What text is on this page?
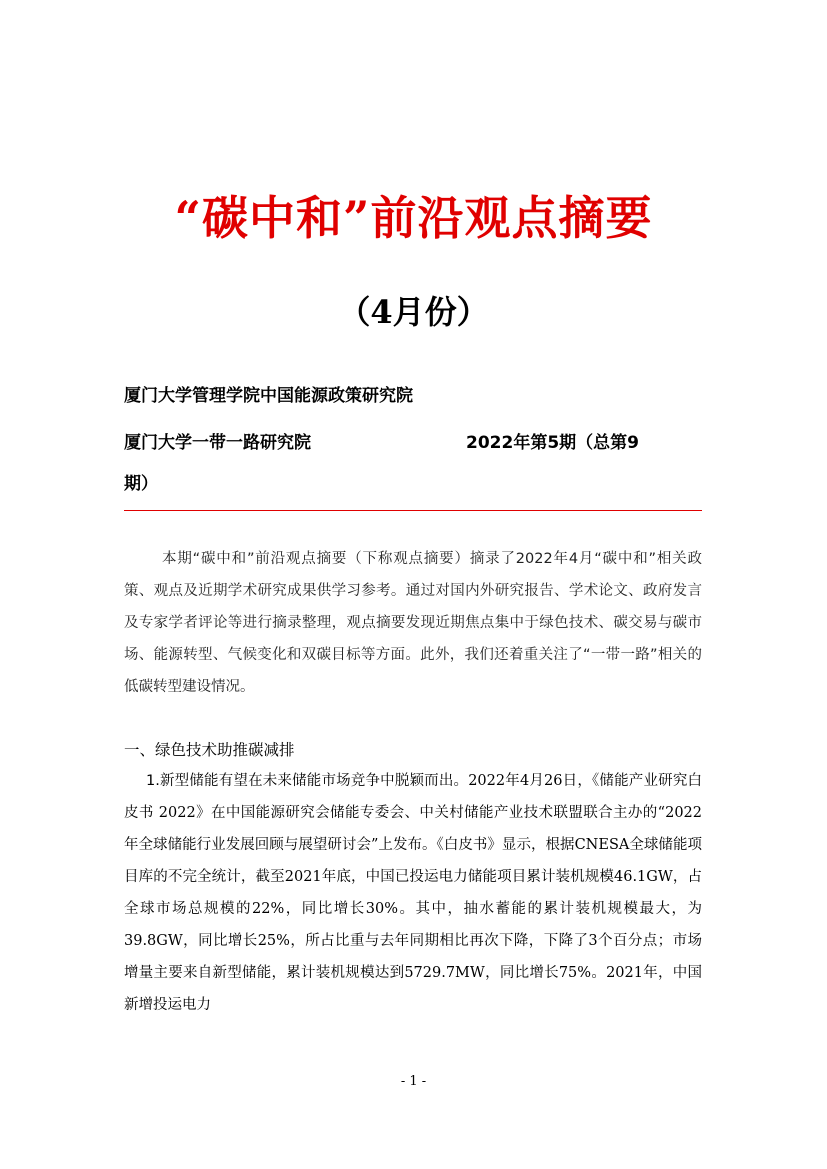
“碳中和”前沿观点摘要
（4月份）
厦门大学管理学院中国能源政策研究院
厦门大学一带一路研究院	2022年第5期（总第9
期）

本期“碳中和”前沿观点摘要（下称观点摘要）摘录了2022年4月“碳中和”相关政策、观点及近期学术研究成果供学习参考。通过对国内外研究报告、学术论文、政府发言及专家学者评论等进行摘录整理，观点摘要发现近期焦点集中于绿色技术、碳交易与碳市场、能源转型、气候变化和双碳目标等方面。此外，我们还着重关注了“一带一路”相关的低碳转型建设情况。

一、绿色技术助推碳减排

1.新型储能有望在未来储能市场竞争中脱颖而出。2022年4月26日，《储能产业研究白皮书 2022》在中国能源研究会储能专委会、中关村储能产业技术联盟联合主办的“2022年全球储能行业发展回顾与展望研讨会”上发布。《白皮书》显示，根据CNESA全球储能项目库的不完全统计，截至2021年底，中国已投运电力储能项目累计装机规模46.1GW，占全球市场总规模的22%，同比增长30%。其中，抽水蓄能的累计装机规模最大，为39.8GW，同比增长25%，所占比重与去年同期相比再次下降，下降了3个百分点；市场增量主要来自新型储能，累计装机规模达到5729.7MW，同比增长75%。2021年，中国新增投运电力

- 1 -
